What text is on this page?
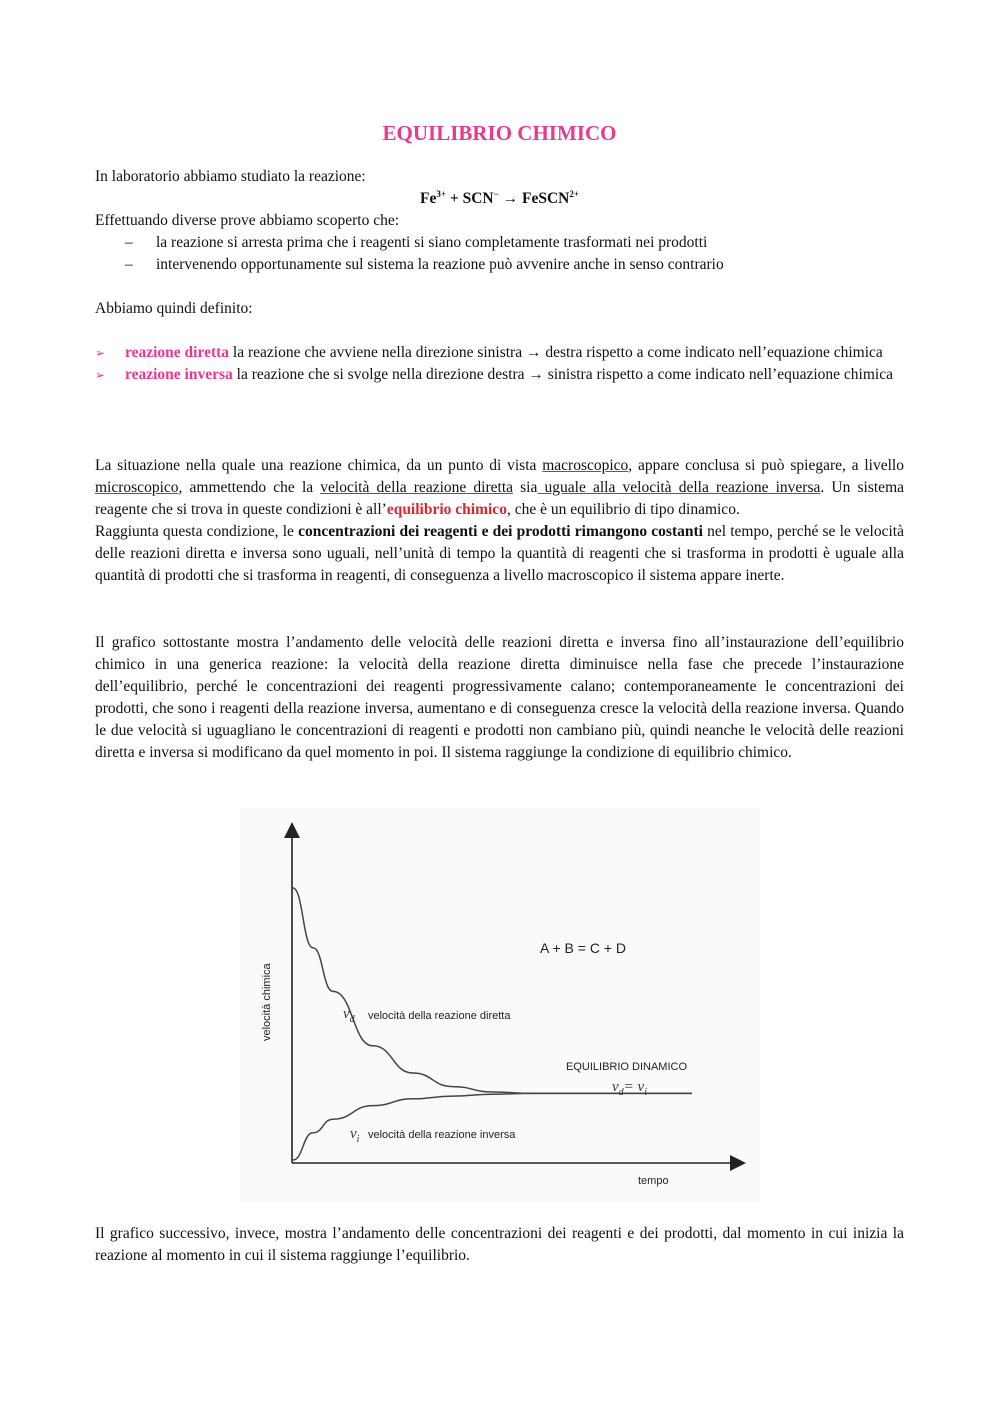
EQUILIBRIO CHIMICO

In laboratorio abbiamo studiato la reazione:

$Fe^{3+} + SCN^-$ → FeSCN$^{2+}$

Effettuando diverse prove abbiamo scoperto che:

– la reazione si arresta prima che i reagenti si siano completamente trasformati nei prodotti
– intervenendo opportunamente sul sistema la reazione può avvenire anche in senso contrario

Abbiamo quindi definito:

➢ reazione diretta la reazione che avviene nella direzione sinistra → destra rispetto a come indicato nell’equazione chimica
➢ reazione inversa la reazione che si svolge nella direzione destra → sinistra rispetto a come indicato nell’equazione chimica

La situazione nella quale una reazione chimica, da un punto di vista macroscopico, appare conclusa si può spiegare, a livello microscopico, ammettendo che la velocità della reazione diretta sia uguale alla velocità della reazione inversa. Un sistema reagente che si trova in queste condizioni è all’equilibrio chimico, che è un equilibrio di tipo dinamico.

Raggiunta questa condizione, le concentrazioni dei reagenti e dei prodotti rimangono costanti nel tempo, perché se le velocità delle reazioni diretta e inversa sono uguali, nell’unità di tempo la quantità di reagenti che si trasforma in prodotti è uguale alla quantità di prodotti che si trasforma in reagenti, di conseguenza a livello macroscopico il sistema appare inerte.

Il grafico sottostante mostra l’andamento delle velocità delle reazioni diretta e inversa fino all’instaurazione dell’equilibrio chimico in una generica reazione: la velocità della reazione diretta diminuisce nella fase che precede l’instaurazione dell’equilibrio, perché le concentrazioni dei reagenti progressivamente calano; contemporaneamente le concentrazioni dei prodotti, che sono i reagenti della reazione inversa, aumentano e di conseguenza cresce la velocità della reazione inversa. Quando le due velocità si uguagliano le concentrazioni di reagenti e prodotti non cambiano più, quindi neanche le velocità delle reazioni diretta e inversa si modificano da quel momento in poi. Il sistema raggiunge la condizione di equilibrio chimico.

Il grafico successivo, invece, mostra l’andamento delle concentrazioni dei reagenti e dei prodotti, dal momento in cui inizia la reazione al momento in cui il sistema raggiunge l’equilibrio.

A + B = C + D
velocità chimica
tempo
$v_d$ velocità della reazione diretta
$v_i$ velocità della reazione inversa
EQUILIBRIO DINAMICO
$v_d= v_i$
